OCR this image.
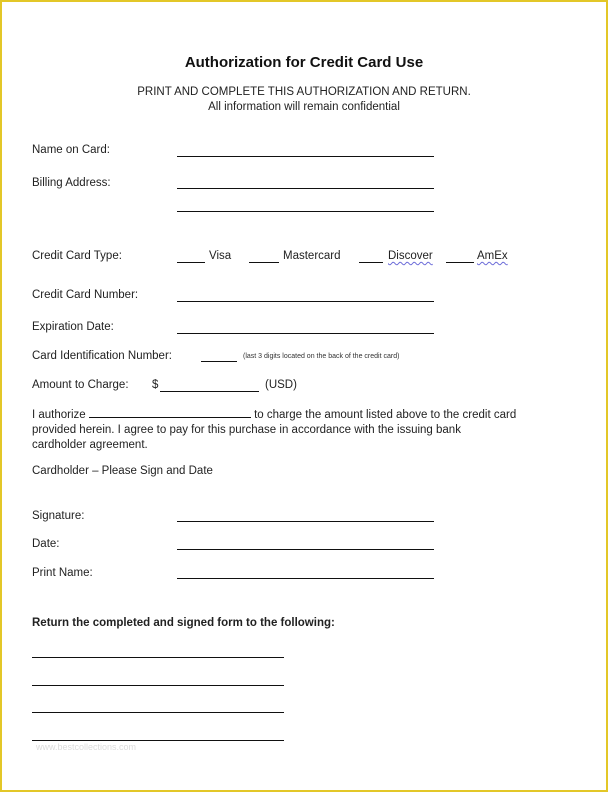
Authorization for Credit Card Use
PRINT AND COMPLETE THIS AUTHORIZATION AND RETURN.
All information will remain confidential
Name on Card:
Billing Address:
Credit Card Type:	Visa	Mastercard	Discover	AmEx
Credit Card Number:
Expiration Date:
Card Identification Number:	(last 3 digits located on the back of the credit card)
Amount to Charge: $	(USD)
I authorize	to charge the amount listed above to the credit card
provided herein. I agree to pay for this purchase in accordance with the issuing bank
cardholder agreement.
Cardholder – Please Sign and Date
Signature:
Date:
Print Name:
Return the completed and signed form to the following:
www.bestcollections.com
